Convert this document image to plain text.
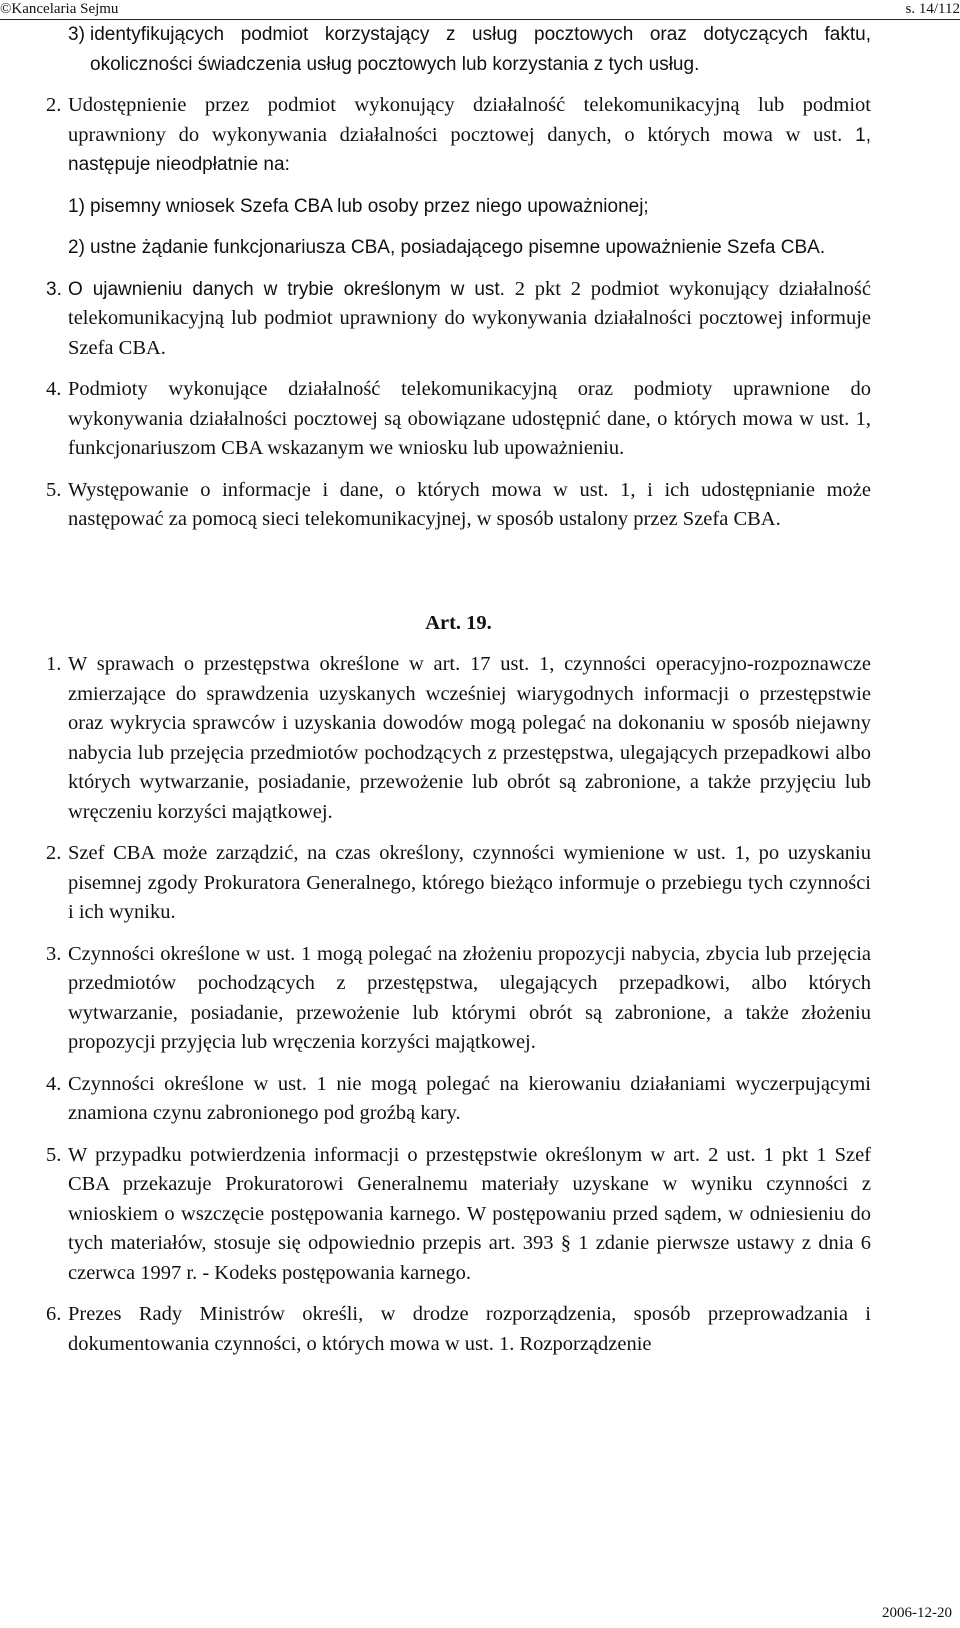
©Kancelaria Sejmu	s. 14/112

3) identyfikujących podmiot korzystający z usług pocztowych oraz dotyczących faktu, okoliczności świadczenia usług pocztowych lub korzystania z tych usług.

2. Udostępnienie przez podmiot wykonujący działalność telekomunikacyjną lub podmiot uprawniony do wykonywania działalności pocztowej danych, o których mowa w ust. 1, następuje nieodpłatnie na:

1) pisemny wniosek Szefa CBA lub osoby przez niego upoważnionej;

2) ustne żądanie funkcjonariusza CBA, posiadającego pisemne upoważnienie Szefa CBA.

3. O ujawnieniu danych w trybie określonym w ust. 2 pkt 2 podmiot wykonujący działalność telekomunikacyjną lub podmiot uprawniony do wykonywania działalności pocztowej informuje Szefa CBA.

4. Podmioty wykonujące działalność telekomunikacyjną oraz podmioty uprawnione do wykonywania działalności pocztowej są obowiązane udostępnić dane, o których mowa w ust. 1, funkcjonariuszom CBA wskazanym we wniosku lub upoważnieniu.

5. Występowanie o informacje i dane, o których mowa w ust. 1, i ich udostępnianie może następować za pomocą sieci telekomunikacyjnej, w sposób ustalony przez Szefa CBA.

Art. 19.

1. W sprawach o przestępstwa określone w art. 17 ust. 1, czynności operacyjno-rozpoznawcze zmierzające do sprawdzenia uzyskanych wcześniej wiarygodnych informacji o przestępstwie oraz wykrycia sprawców i uzyskania dowodów mogą polegać na dokonaniu w sposób niejawny nabycia lub przejęcia przedmiotów pochodzących z przestępstwa, ulegających przepadkowi albo których wytwarzanie, posiadanie, przewożenie lub obrót są zabronione, a także przyjęciu lub wręczeniu korzyści majątkowej.

2. Szef CBA może zarządzić, na czas określony, czynności wymienione w ust. 1, po uzyskaniu pisemnej zgody Prokuratora Generalnego, którego bieżąco informuje o przebiegu tych czynności i ich wyniku.

3. Czynności określone w ust. 1 mogą polegać na złożeniu propozycji nabycia, zbycia lub przejęcia przedmiotów pochodzących z przestępstwa, ulegających przepadkowi, albo których wytwarzanie, posiadanie, przewożenie lub którymi obrót są zabronione, a także złożeniu propozycji przyjęcia lub wręczenia korzyści majątkowej.

4. Czynności określone w ust. 1 nie mogą polegać na kierowaniu działaniami wyczerpującymi znamiona czynu zabronionego pod groźbą kary.

5. W przypadku potwierdzenia informacji o przestępstwie określonym w art. 2 ust. 1 pkt 1 Szef CBA przekazuje Prokuratorowi Generalnemu materiały uzyskane w wyniku czynności z wnioskiem o wszczęcie postępowania karnego. W postępowaniu przed sądem, w odniesieniu do tych materiałów, stosuje się odpowiednio przepis art. 393 § 1 zdanie pierwsze ustawy z dnia 6 czerwca 1997 r. - Kodeks postępowania karnego.

6. Prezes Rady Ministrów określi, w drodze rozporządzenia, sposób przeprowadzania i dokumentowania czynności, o których mowa w ust. 1. Rozporządzenie

2006-12-20
